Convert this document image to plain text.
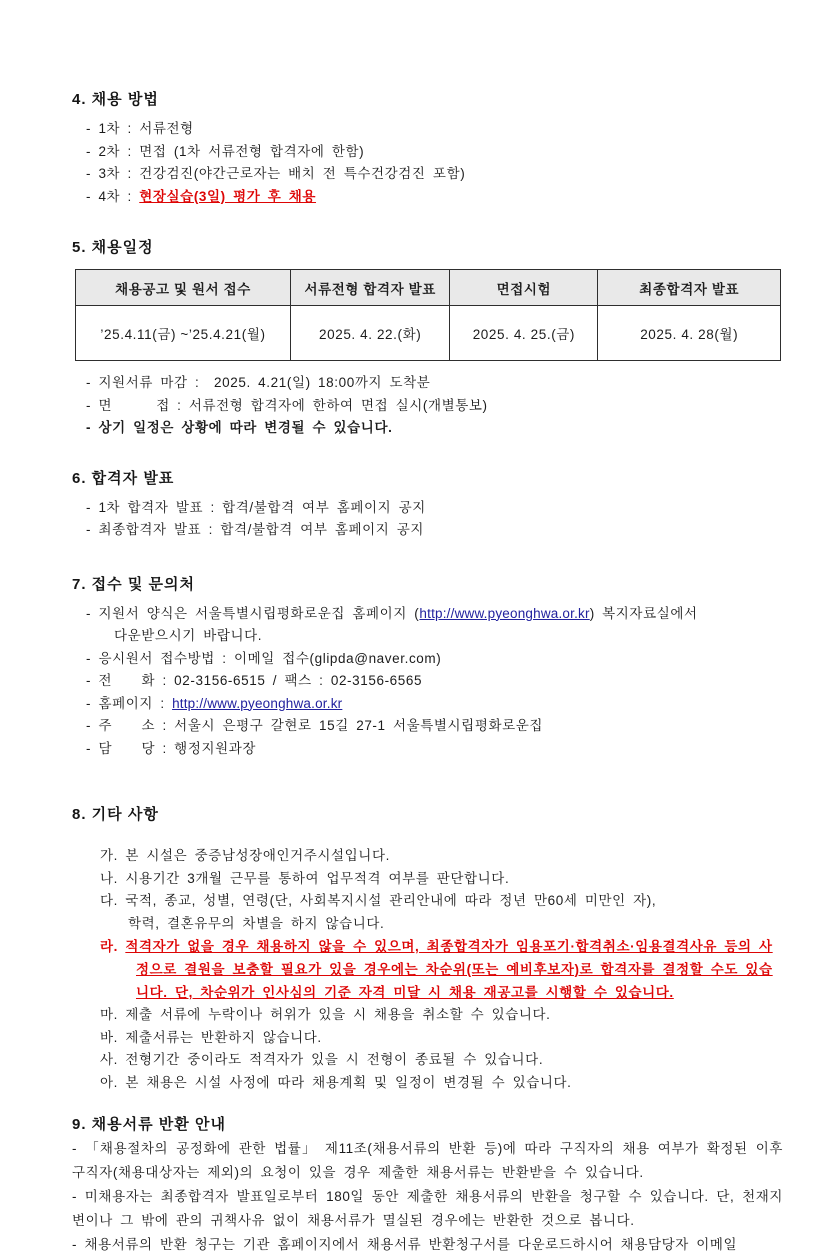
4. 채용 방법
- 1차 : 서류전형
- 2차 : 면접 (1차 서류전형 합격자에 한함)
- 3차 : 건강검진(야간근로자는 배치 전 특수건강검진 포함)
- 4차 : 현장실습(3일) 평가 후 채용
5. 채용일정
채용공고 및 원서 접수	서류전형 합격자 발표	면접시험	최종합격자 발표
’25.4.11(금) ~’25.4.21(월)	2025. 4. 22.(화)	2025. 4. 25.(금)	2025. 4. 28(월)
- 지원서류 마감 :  2025. 4.21(일) 18:00까지 도착분
- 면      접 : 서류전형 합격자에 한하여 면접 실시(개별통보)
- 상기 일정은 상황에 따라 변경될 수 있습니다.
6. 합격자 발표
- 1차 합격자 발표 : 합격/불합격 여부 홈페이지 공지
- 최종합격자 발표 : 합격/불합격 여부 홈페이지 공지
7. 접수 및 문의처
- 지원서 양식은 서울특별시립평화로운집 홈페이지 (http://www.pyeonghwa.or.kr) 복지자료실에서
다운받으시기 바랍니다.
- 응시원서 접수방법 : 이메일 접수(glipda@naver.com)
- 전    화 : 02-3156-6515 / 팩스 : 02-3156-6565
- 홈페이지 : http://www.pyeonghwa.or.kr
- 주    소 : 서울시 은평구 갈현로 15길 27-1 서울특별시립평화로운집
- 담    당 : 행정지원과장
8. 기타 사항
가. 본 시설은 중증남성장애인거주시설입니다.
나. 시용기간 3개월 근무를 통하여 업무적격 여부를 판단합니다.
다. 국적, 종교, 성별, 연령(단, 사회복지시설 관리안내에 따라 정년 만60세 미만인 자),
학력, 결혼유무의 차별을 하지 않습니다.
라. 적격자가 없을 경우 채용하지 않을 수 있으며, 최종합격자가 임용포기·합격취소·임용결격사유 등의 사정으로 결원을 보충할 필요가 있을 경우에는 차순위(또는 예비후보자)로 합격자를 결정할 수도 있습니다. 단, 차순위가 인사심의 기준 자격 미달 시 채용 재공고를 시행할 수 있습니다.
마. 제출 서류에 누락이나 허위가 있을 시 채용을 취소할 수 있습니다.
바. 제출서류는 반환하지 않습니다.
사. 전형기간 중이라도 적격자가 있을 시 전형이 종료될 수 있습니다.
아. 본 채용은 시설 사정에 따라 채용계획 및 일정이 변경될 수 있습니다.
9. 채용서류 반환 안내
- 「채용절차의 공정화에 관한 법률」 제11조(채용서류의 반환 등)에 따라 구직자의 채용 여부가 확정된 이후 구직자(채용대상자는 제외)의 요청이 있을 경우 제출한 채용서류는 반환받을 수 있습니다.
- 미채용자는 최종합격자 발표일로부터 180일 동안 제출한 채용서류의 반환을 청구할 수 있습니다. 단, 천재지변이나 그 밖에 관의 귀책사유 없이 채용서류가 멸실된 경우에는 반환한 것으로 봅니다.
- 채용서류의 반환 청구는 기관 홈페이지에서 채용서류 반환청구서를 다운로드하시어 채용담당자 이메일
